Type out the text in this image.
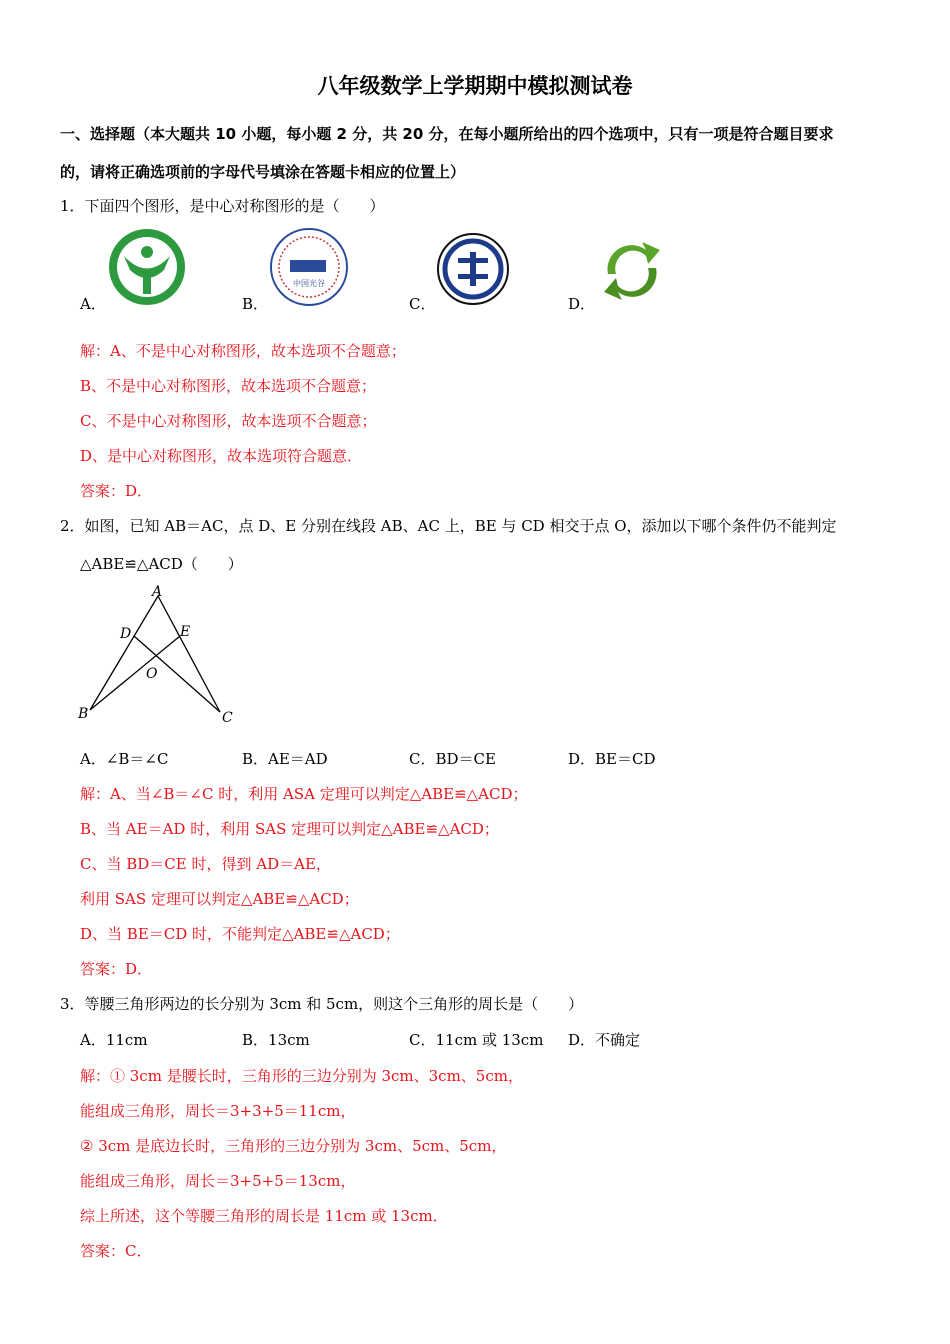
八年级数学上学期期中模拟测试卷
一、选择题（本大题共 10 小题，每小题 2 分，共 20 分，在每小题所给出的四个选项中，只有一项是符合题目要求
的，请将正确选项前的字母代号填涂在答题卡相应的位置上）
1．下面四个图形，是中心对称图形的是（　　）
中国光谷
A．	B．	C．	D．
解：A、不是中心对称图形，故本选项不合题意；
B、不是中心对称图形，故本选项不合题意；
C、不是中心对称图形，故本选项不合题意；
D、是中心对称图形，故本选项符合题意．
答案：D．
2．如图，已知 AB＝AC，点 D、E 分别在线段 AB、AC 上，BE 与 CD 相交于点 O，添加以下哪个条件仍不能判定
△ABE≌△ACD（　　）
A
D	E
O
B	C
A．∠B＝∠C	B．AE＝AD	C．BD＝CE	D．BE＝CD
解：A、当∠B＝∠C 时，利用 ASA 定理可以判定△ABE≌△ACD；
B、当 AE＝AD 时，利用 SAS 定理可以判定△ABE≌△ACD；
C、当 BD＝CE 时，得到 AD＝AE，
利用 SAS 定理可以判定△ABE≌△ACD；
D、当 BE＝CD 时，不能判定△ABE≌△ACD；
答案：D．
3．等腰三角形两边的长分别为 3cm 和 5cm，则这个三角形的周长是（　　）
A．11cm	B．13cm	C．11cm 或 13cm D．不确定
解：① 3cm 是腰长时，三角形的三边分别为 3cm、3cm、5cm，
能组成三角形，周长＝3+3+5＝11cm，
② 3cm 是底边长时，三角形的三边分别为 3cm、5cm、5cm，
能组成三角形，周长＝3+5+5＝13cm，
综上所述，这个等腰三角形的周长是 11cm 或 13cm．
答案：C．
